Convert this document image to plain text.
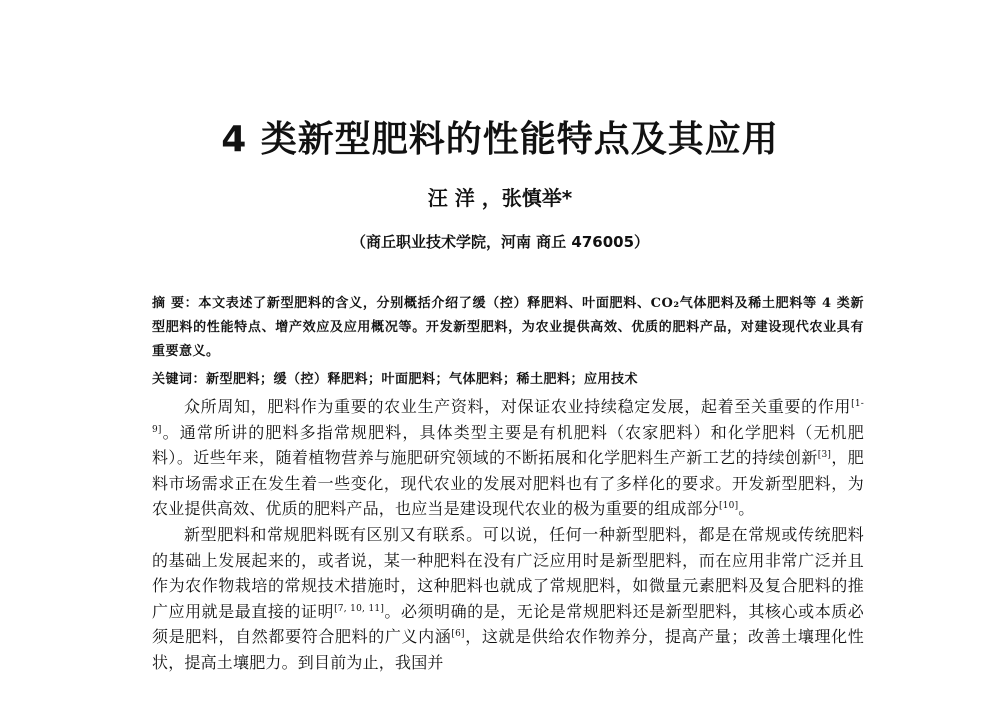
4 类新型肥料的性能特点及其应用
汪 洋 ，张慎举*
（商丘职业技术学院，河南 商丘 476005）
摘 要：本文表述了新型肥料的含义，分别概括介绍了缓（控）释肥料、叶面肥料、CO₂气体肥料及稀土肥料等 4 类新型肥料的性能特点、增产效应及应用概况等。开发新型肥料，为农业提供高效、优质的肥料产品，对建设现代农业具有重要意义。
关键词：新型肥料；缓（控）释肥料；叶面肥料；气体肥料；稀土肥料；应用技术

众所周知，肥料作为重要的农业生产资料，对保证农业持续稳定发展，起着至关重要的作用[1-9]。通常所讲的肥料多指常规肥料，具体类型主要是有机肥料（农家肥料）和化学肥料（无机肥料）。近些年来，随着植物营养与施肥研究领域的不断拓展和化学肥料生产新工艺的持续创新[3]，肥料市场需求正在发生着一些变化，现代农业的发展对肥料也有了多样化的要求。开发新型肥料，为农业提供高效、优质的肥料产品，也应当是建设现代农业的极为重要的组成部分[10]。

新型肥料和常规肥料既有区别又有联系。可以说，任何一种新型肥料，都是在常规或传统肥料的基础上发展起来的，或者说，某一种肥料在没有广泛应用时是新型肥料，而在应用非常广泛并且作为农作物栽培的常规技术措施时，这种肥料也就成了常规肥料，如微量元素肥料及复合肥料的推广应用就是最直接的证明[7, 10, 11]。必须明确的是，无论是常规肥料还是新型肥料，其核心或本质必须是肥料，自然都要符合肥料的广义内涵[6]，这就是供给农作物养分，提高产量；改善土壤理化性状，提高土壤肥力。到目前为止，我国并
